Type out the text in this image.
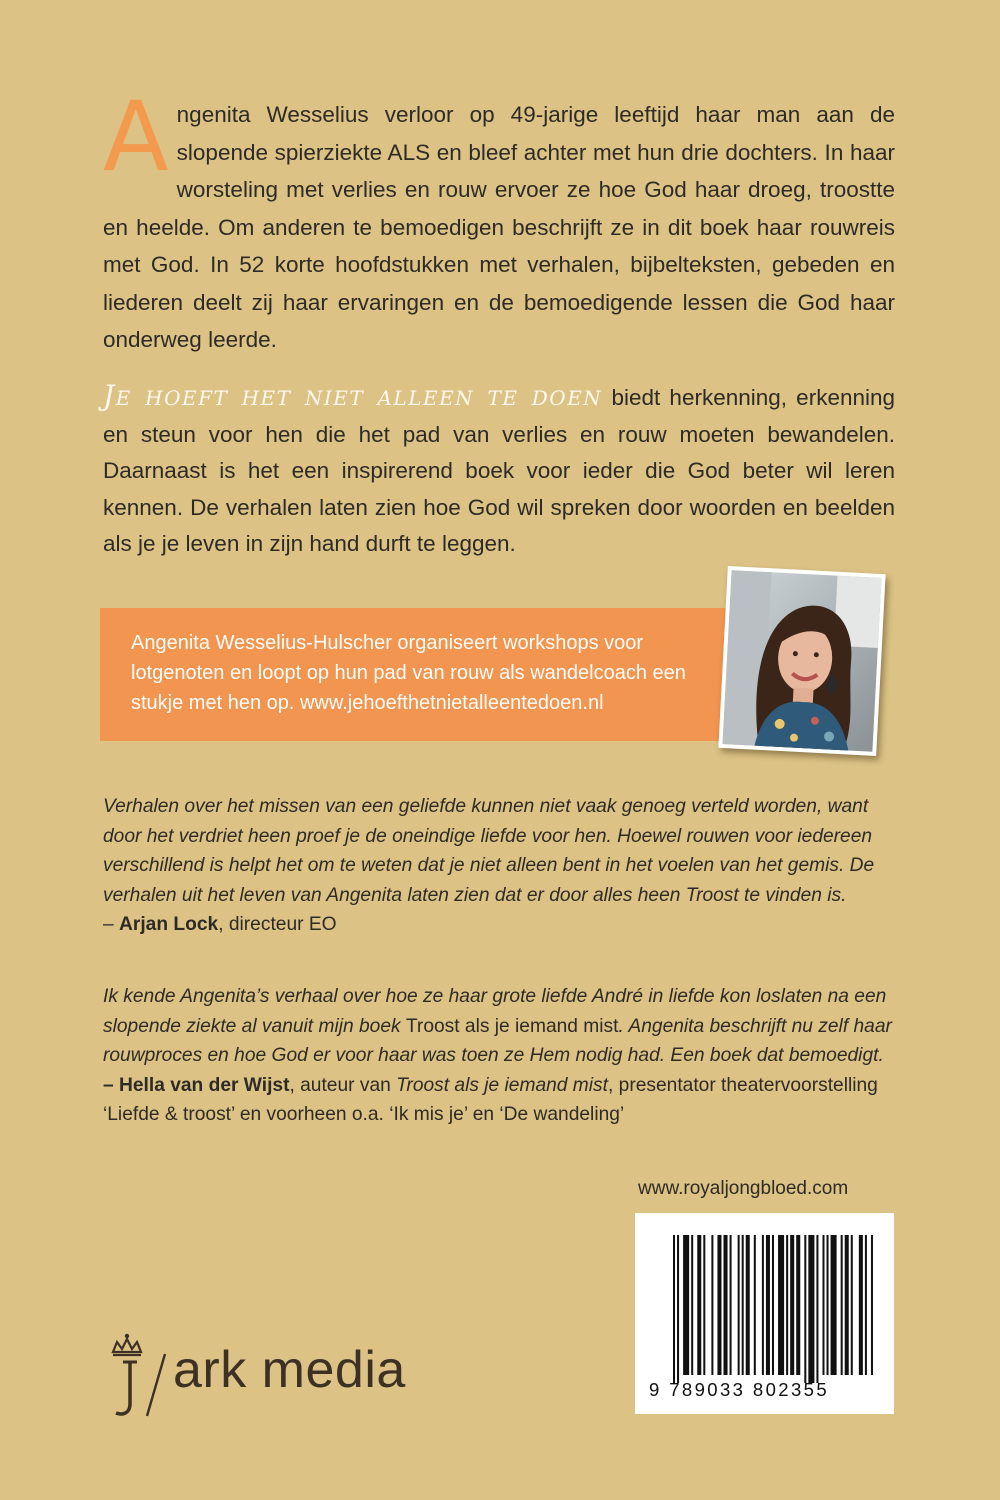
Angenita Wesselius verloor op 49-jarige leeftijd haar man aan de slopende spierziekte ALS en bleef achter met hun drie dochters. In haar worsteling met verlies en rouw ervoer ze hoe God haar droeg, troostte en heelde. Om anderen te bemoedigen beschrijft ze in dit boek haar rouwreis met God. In 52 korte hoofdstukken met verhalen, bijbelteksten, gebeden en liederen deelt zij haar ervaringen en de bemoedigende lessen die God haar onderweg leerde.
Je hoeft het niet alleen te doen biedt herkenning, erkenning en steun voor hen die het pad van verlies en rouw moeten bewandelen. Daarnaast is het een inspirerend boek voor ieder die God beter wil leren kennen. De verhalen laten zien hoe God wil spreken door woorden en beelden als je je leven in zijn hand durft te leggen.
Angenita Wesselius-Hulscher organiseert workshops voor lotgenoten en loopt op hun pad van rouw als wandelcoach een stukje met hen op. www.jehoefthetnietalleentedoen.nl
Verhalen over het missen van een geliefde kunnen niet vaak genoeg verteld worden, want door het verdriet heen proef je de oneindige liefde voor hen. Hoewel rouwen voor iedereen verschillend is helpt het om te weten dat je niet alleen bent in het voelen van het gemis. De verhalen uit het leven van Angenita laten zien dat er door alles heen Troost te vinden is.
– Arjan Lock, directeur EO
Ik kende Angenita’s verhaal over hoe ze haar grote liefde André in liefde kon loslaten na een slopende ziekte al vanuit mijn boek Troost als je iemand mist. Angenita beschrijft nu zelf haar rouwproces en hoe God er voor haar was toen ze Hem nodig had. Een boek dat bemoedigt. – Hella van der Wijst, auteur van Troost als je iemand mist, presentator theatervoorstelling ‘Liefde & troost’ en voorheen o.a. ‘Ik mis je’ en ‘De wandeling’
www.royaljongbloed.com
9 789033 802355
ark media
